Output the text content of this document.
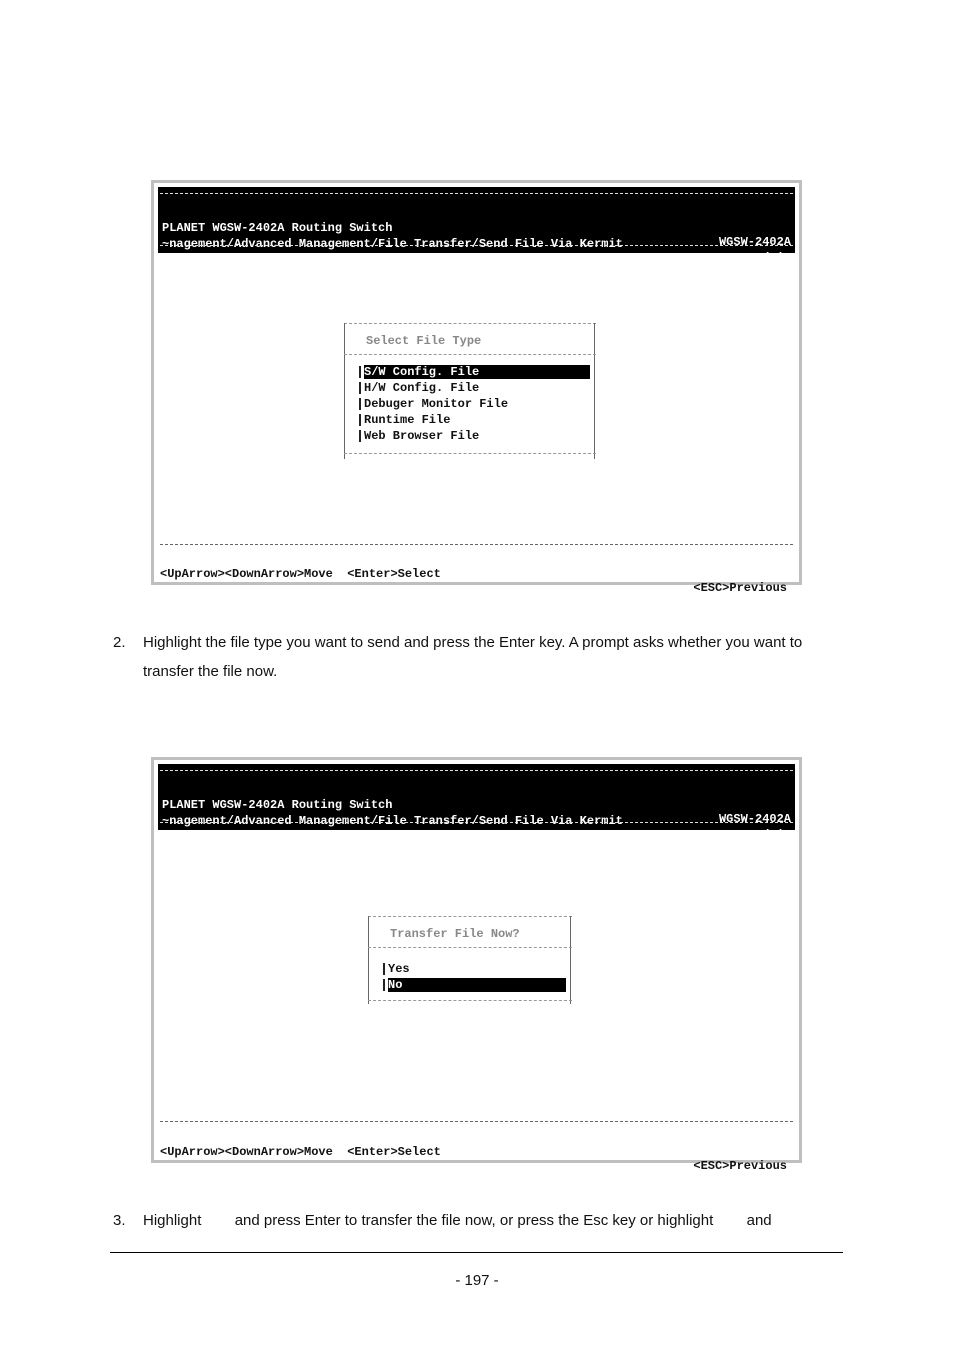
PLANET WGSW-2402A Routing Switch

WGSW-2402A

~nagement/Advanced Management/File Transfer/Send File Via Kermit

admin

Select File Type
S/W Config. File
H/W Config. File
Debuger Monitor File
Runtime File
Web Browser File

<UpArrow><DownArrow>Move  <Enter>Select

<ESC>Previous

2. Highlight the file type you want to send and press the Enter key. A prompt asks whether you want to transfer the file now.

PLANET WGSW-2402A Routing Switch

WGSW-2402A

~nagement/Advanced Management/File Transfer/Send File Via Kermit

admin

Transfer File Now?
Yes
No

<UpArrow><DownArrow>Move  <Enter>Select

<ESC>Previous

3. Highlight        and press Enter to transfer the file now, or press the Esc key or highlight        and
- 197 -
